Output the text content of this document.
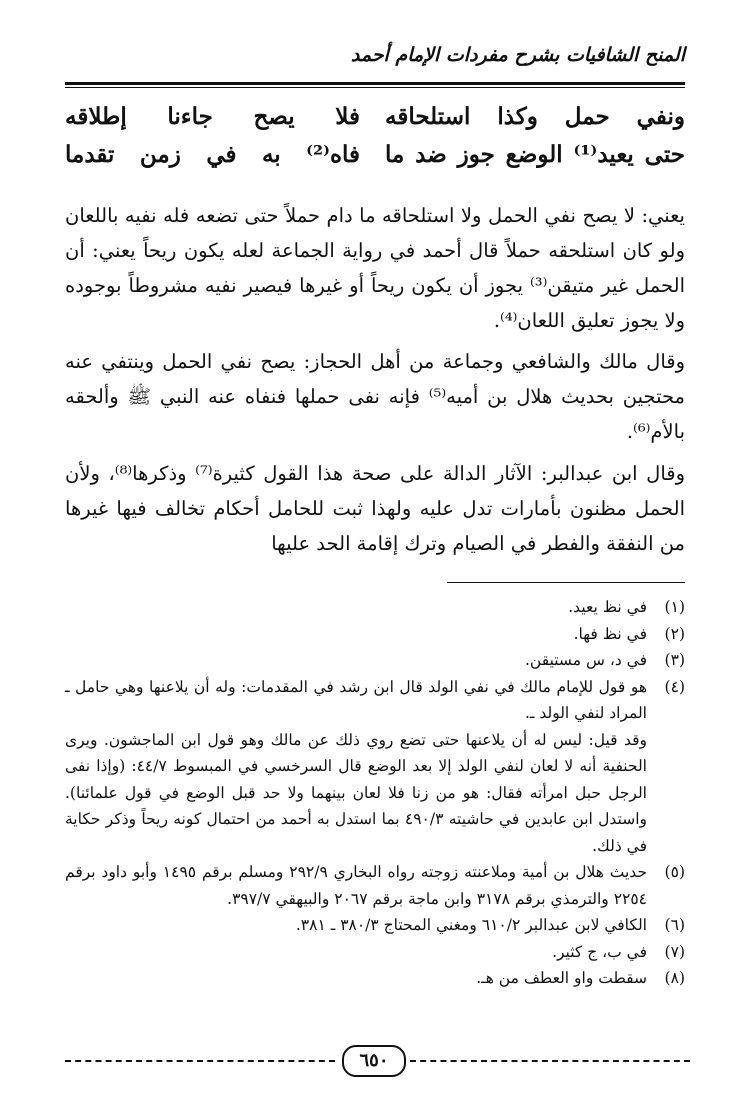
المنح الشافيات بشرح مفردات الإمام أحمد
ونفي حمل وكذا استلحاقه
فلا يصح جاءنا إطلاقه
حتى يعيد⁽¹⁾ الوضع جوز ضد ما
فاه⁽²⁾ به في زمن تقدما
يعني: لا يصح نفي الحمل ولا استلحاقه ما دام حملاً حتى تضعه فله نفيه باللعان ولو كان استلحقه حملاً قال أحمد في رواية الجماعة لعله يكون ريحاً يعني: أن الحمل غير متيقن⁽³⁾ يجوز أن يكون ريحاً أو غيرها فيصير نفيه مشروطاً بوجوده ولا يجوز تعليق اللعان⁽⁴⁾.
وقال مالك والشافعي وجماعة من أهل الحجاز: يصح نفي الحمل وينتفي عنه محتجين بحديث هلال بن أميه⁽⁵⁾ فإنه نفى حملها فنفاه عنه النبي ﷺ وألحقه بالأم⁽⁶⁾.
وقال ابن عبدالبر: الآثار الدالة على صحة هذا القول كثيرة⁽⁷⁾ وذكرها⁽⁸⁾، ولأن الحمل مظنون بأمارات تدل عليه ولهذا ثبت للحامل أحكام تخالف فيها غيرها من النفقة والفطر في الصيام وترك إقامة الحد عليها
(١)
في نظ يعيد.
(٢)
في نظ فها.
(٣)
في د، س مستيقن.
(٤)
هو قول للإمام مالك في نفي الولد قال ابن رشد في المقدمات: وله أن يلاعنها وهي حامل ـ المراد لنفي الولد ـ.
وقد قيل: ليس له أن يلاعنها حتى تضع روي ذلك عن مالك وهو قول ابن الماجشون. ويرى الحنفية أنه لا لعان لنفي الولد إلا بعد الوضع قال السرخسي في المبسوط ٤٤/٧: (وإذا نفى الرجل حبل امرأته فقال: هو من زنا فلا لعان بينهما ولا حد قبل الوضع في قول علمائنا). واستدل ابن عابدين في حاشيته ٤٩٠/٣ بما استدل به أحمد من احتمال كونه ريحاً وذكر حكاية في ذلك.
(٥)
حديث هلال بن أمية وملاعنته زوجته رواه البخاري ٢٩٢/٩ ومسلم برقم ١٤٩٥ وأبو داود برقم ٢٢٥٤ والترمذي برقم ٣١٧٨ وابن ماجة برقم ٢٠٦٧ والبيهقي ٣٩٧/٧.
(٦)
الكافي لابن عبدالبر ٦١٠/٢ ومغني المحتاج ٣٨٠/٣ ـ ٣٨١.
(٧)
في ب، ج كثير.
(٨)
سقطت واو العطف من هـ.
٦٥٠
